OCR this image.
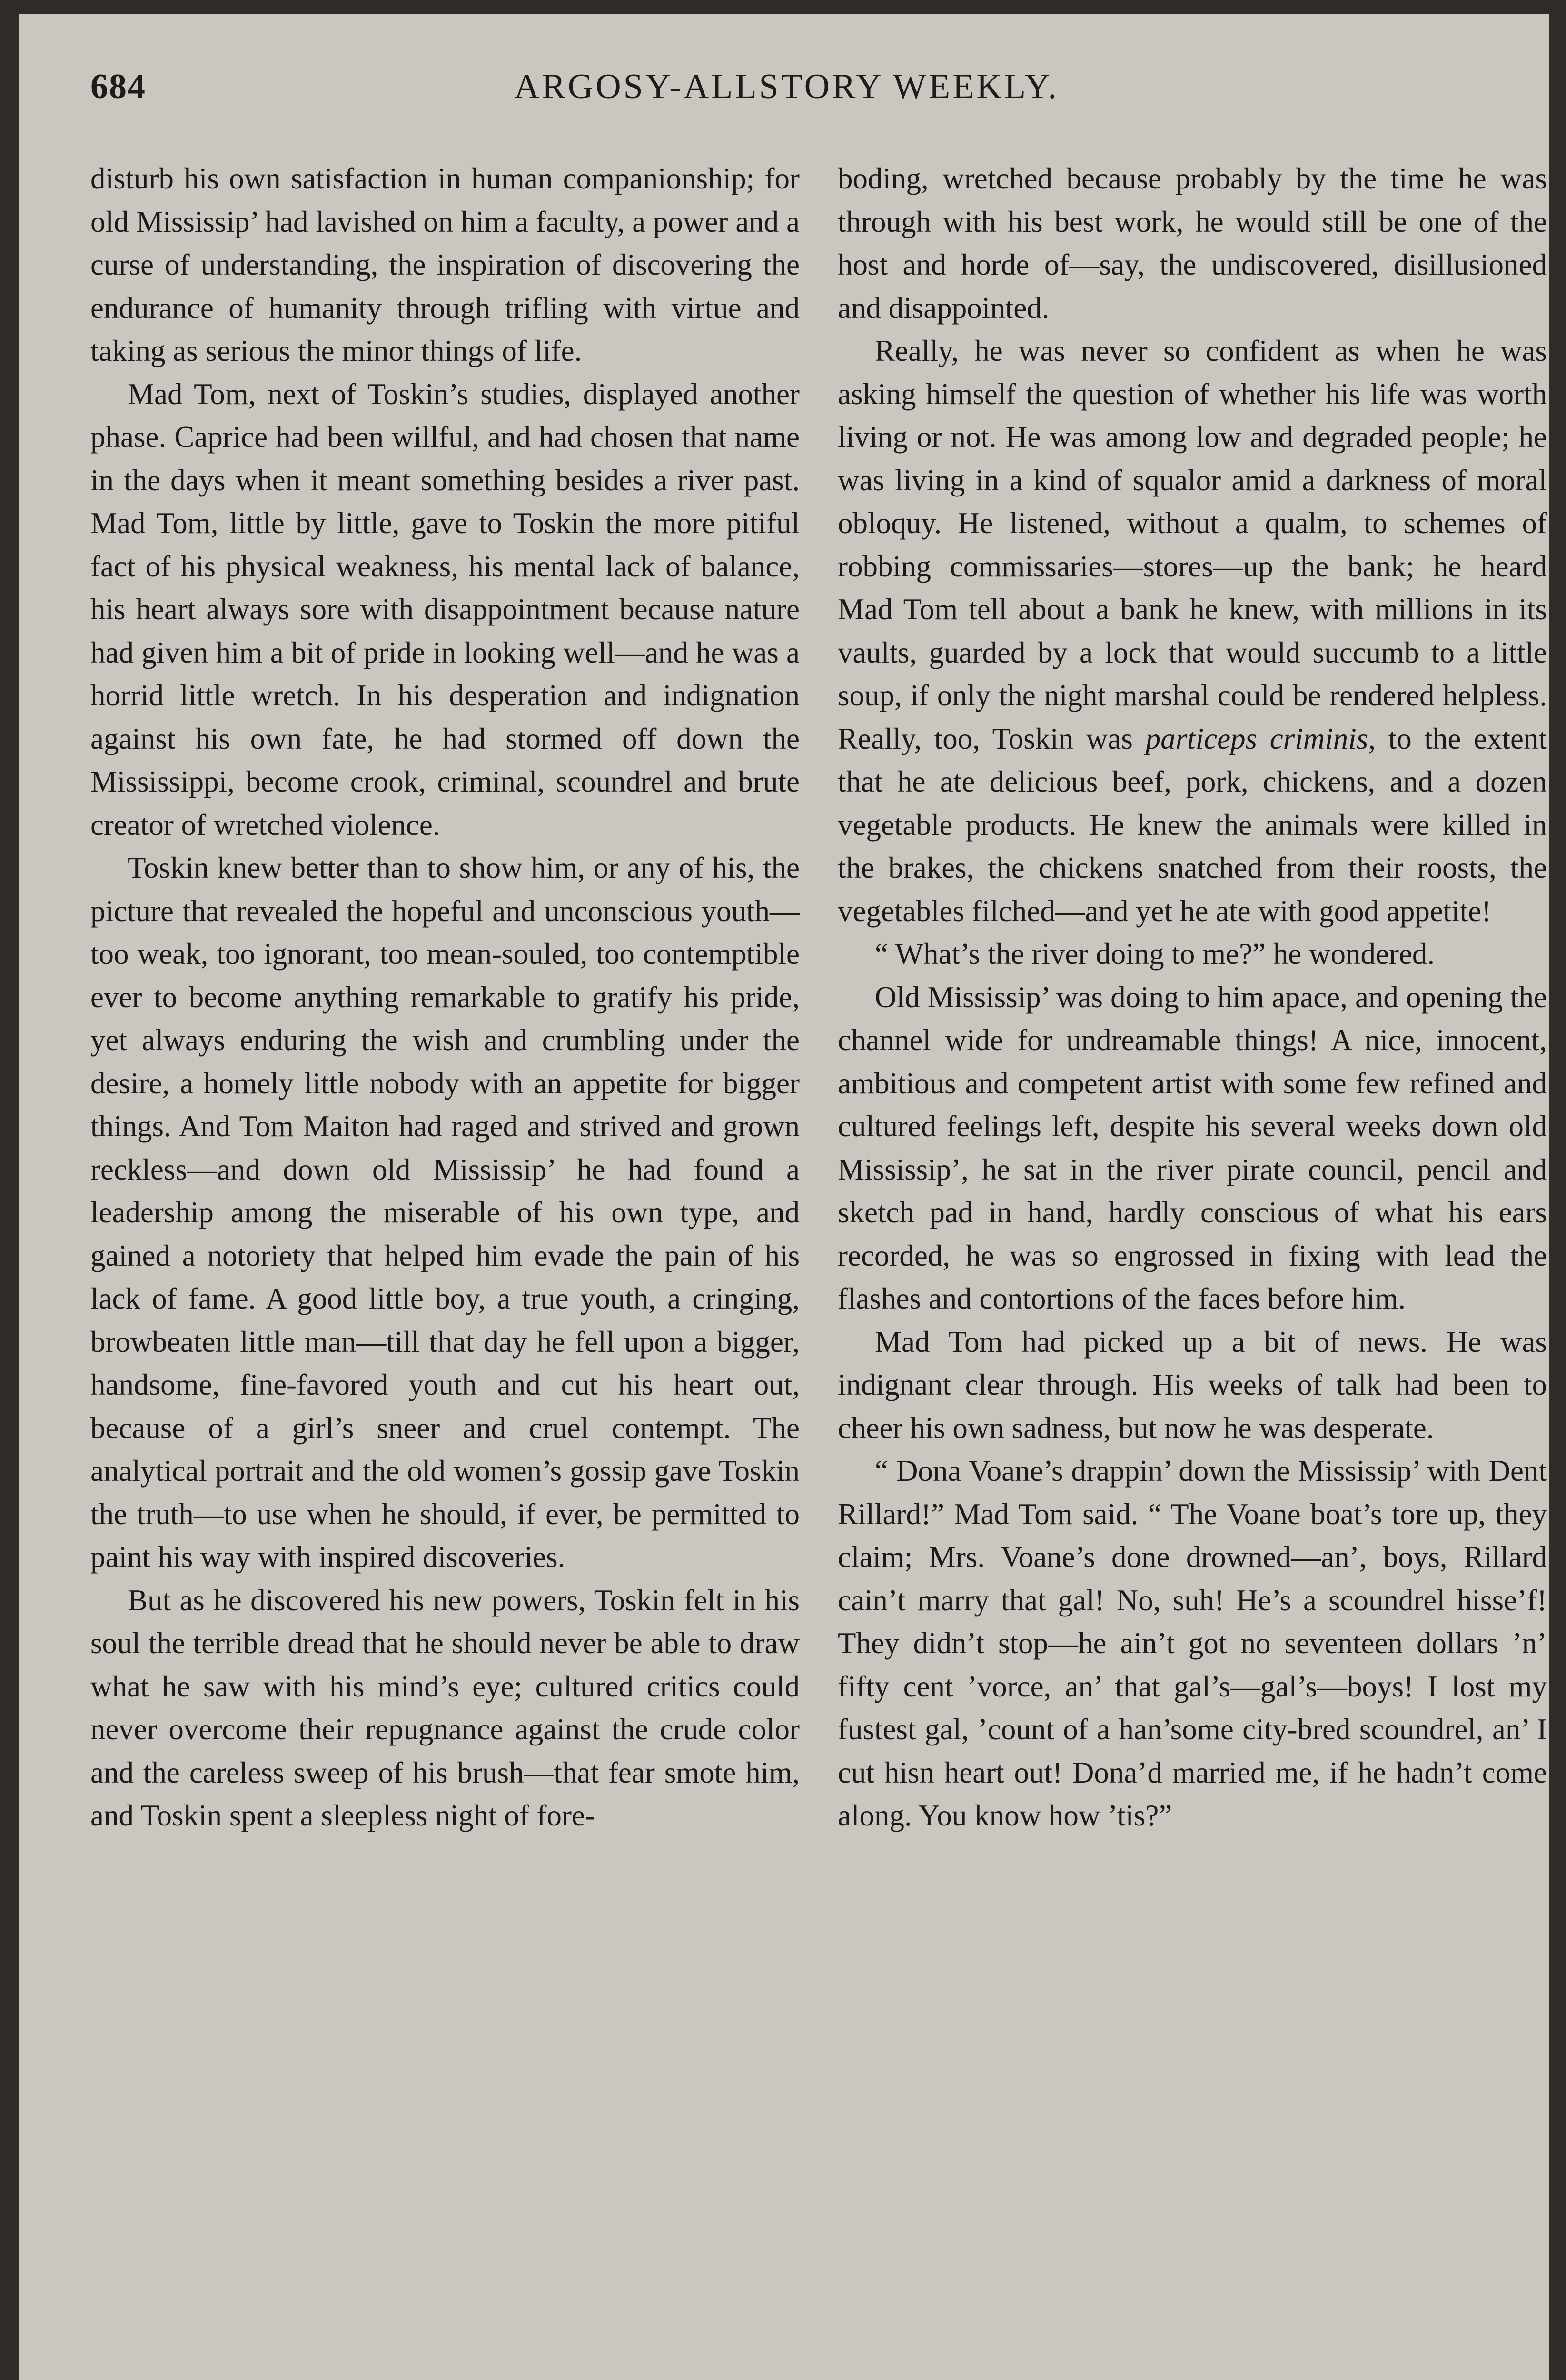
684	ARGOSY-ALLSTORY WEEKLY.

disturb his own satisfaction in human companionship; for old Mississip’ had lavished on him a faculty, a power and a curse of understanding, the inspiration of discovering the endurance of humanity through trifling with virtue and taking as serious the minor things of life.

Mad Tom, next of Toskin’s studies, displayed another phase. Caprice had been willful, and had chosen that name in the days when it meant something besides a river past. Mad Tom, little by little, gave to Toskin the more pitiful fact of his physical weakness, his mental lack of balance, his heart always sore with disappointment because nature had given him a bit of pride in looking well—and he was a horrid little wretch. In his desperation and indignation against his own fate, he had stormed off down the Mississippi, become crook, criminal, scoundrel and brute creator of wretched violence.

Toskin knew better than to show him, or any of his, the picture that revealed the hopeful and unconscious youth—too weak, too ignorant, too mean-souled, too contemptible ever to become anything remarkable to gratify his pride, yet always enduring the wish and crumbling under the desire, a homely little nobody with an appetite for bigger things. And Tom Maiton had raged and strived and grown reckless—and down old Mississip’ he had found a leadership among the miserable of his own type, and gained a notoriety that helped him evade the pain of his lack of fame. A good little boy, a true youth, a cringing, browbeaten little man—till that day he fell upon a bigger, handsome, fine-favored youth and cut his heart out, because of a girl’s sneer and cruel contempt. The analytical portrait and the old women’s gossip gave Toskin the truth—to use when he should, if ever, be permitted to paint his way with inspired discoveries.

But as he discovered his new powers, Toskin felt in his soul the terrible dread that he should never be able to draw what he saw with his mind’s eye; cultured critics could never overcome their repugnance against the crude color and the careless sweep of his brush—that fear smote him, and Toskin spent a sleepless night of fore-

boding, wretched because probably by the time he was through with his best work, he would still be one of the host and horde of—say, the undiscovered, disillusioned and disappointed.

Really, he was never so confident as when he was asking himself the question of whether his life was worth living or not. He was among low and degraded people; he was living in a kind of squalor amid a darkness of moral obloquy. He listened, without a qualm, to schemes of robbing commissaries—stores—up the bank; he heard Mad Tom tell about a bank he knew, with millions in its vaults, guarded by a lock that would succumb to a little soup, if only the night marshal could be rendered helpless. Really, too, Toskin was particeps criminis, to the extent that he ate delicious beef, pork, chickens, and a dozen vegetable products. He knew the animals were killed in the brakes, the chickens snatched from their roosts, the vegetables filched—and yet he ate with good appetite!

“ What’s the river doing to me?” he wondered.

Old Mississip’ was doing to him apace, and opening the channel wide for undreamable things! A nice, innocent, ambitious and competent artist with some few refined and cultured feelings left, despite his several weeks down old Mississip’, he sat in the river pirate council, pencil and sketch pad in hand, hardly conscious of what his ears recorded, he was so engrossed in fixing with lead the flashes and contortions of the faces before him.

Mad Tom had picked up a bit of news. He was indignant clear through. His weeks of talk had been to cheer his own sadness, but now he was desperate.

“ Dona Voane’s drappin’ down the Mississip’ with Dent Rillard!” Mad Tom said. “ The Voane boat’s tore up, they claim; Mrs. Voane’s done drowned—an’, boys, Rillard cain’t marry that gal! No, suh! He’s a scoundrel hisse’f! They didn’t stop—he ain’t got no seventeen dollars ’n’ fifty cent ’vorce, an’ that gal’s—gal’s—boys! I lost my fustest gal, ’count of a han’some city-bred scoundrel, an’ I cut hisn heart out! Dona’d married me, if he hadn’t come along. You know how ’tis?”
